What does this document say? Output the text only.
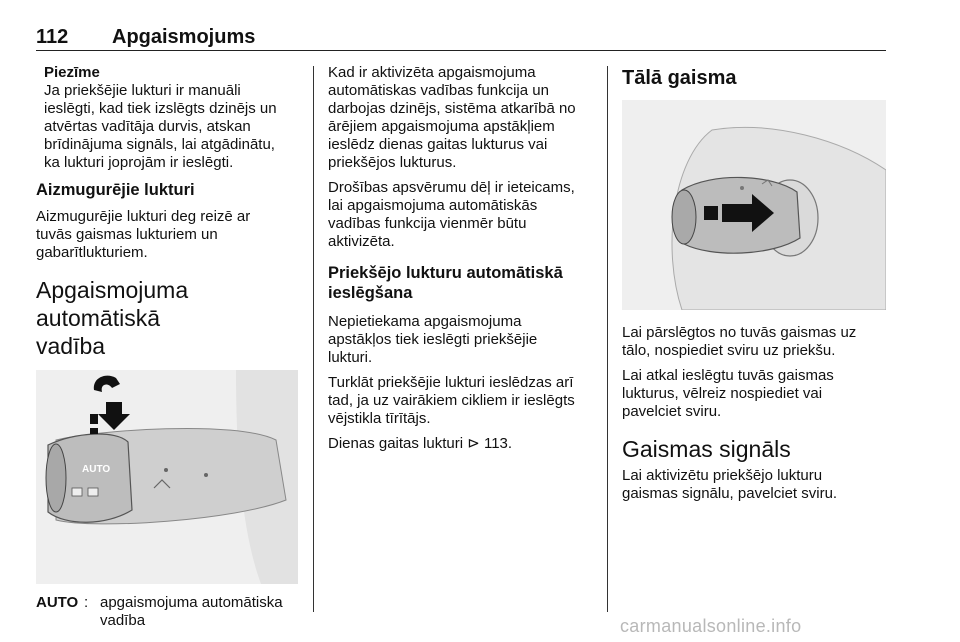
112 Apgaismojums
Piezīme
Ja priekšējie lukturi ir manuāli
ieslēgti, kad tiek izslēgts dzinējs un
atvērtas vadītāja durvis, atskan
brīdinājuma signāls, lai atgādinātu,
ka lukturi joprojām ir ieslēgti.
Aizmugurējie lukturi
Aizmugurējie lukturi deg reizē ar
tuvās gaismas lukturiem un
gabarītlukturiem.
Apgaismojuma automātiskā
vadība
AUTO
AUTO : apgaismojuma automātiska
vadība
Kad ir aktivizēta apgaismojuma
automātiskas vadības funkcija un
darbojas dzinējs, sistēma atkarībā no
ārējiem apgaismojuma apstākļiem
ieslēdz dienas gaitas lukturus vai
priekšējos lukturus.
Drošības apsvērumu dēļ ir ieteicams,
lai apgaismojuma automātiskās
vadības funkcija vienmēr būtu
aktivizēta.
Priekšējo lukturu automātiskā
ieslēgšana
Nepietiekama apgaismojuma
apstākļos tiek ieslēgti priekšējie
lukturi.
Turklāt priekšējie lukturi ieslēdzas arī
tad, ja uz vairākiem cikliem ir ieslēgts
vējstikla tīrītājs.
Dienas gaitas lukturi ⊳ 113.
Tālā gaisma
Lai pārslēgtos no tuvās gaismas uz
tālo, nospiediet sviru uz priekšu.
Lai atkal ieslēgtu tuvās gaismas
lukturus, vēlreiz nospiediet vai
pavelciet sviru.
Gaismas signāls
Lai aktivizētu priekšējo lukturu
gaismas signālu, pavelciet sviru.
carmanualsonline.info
